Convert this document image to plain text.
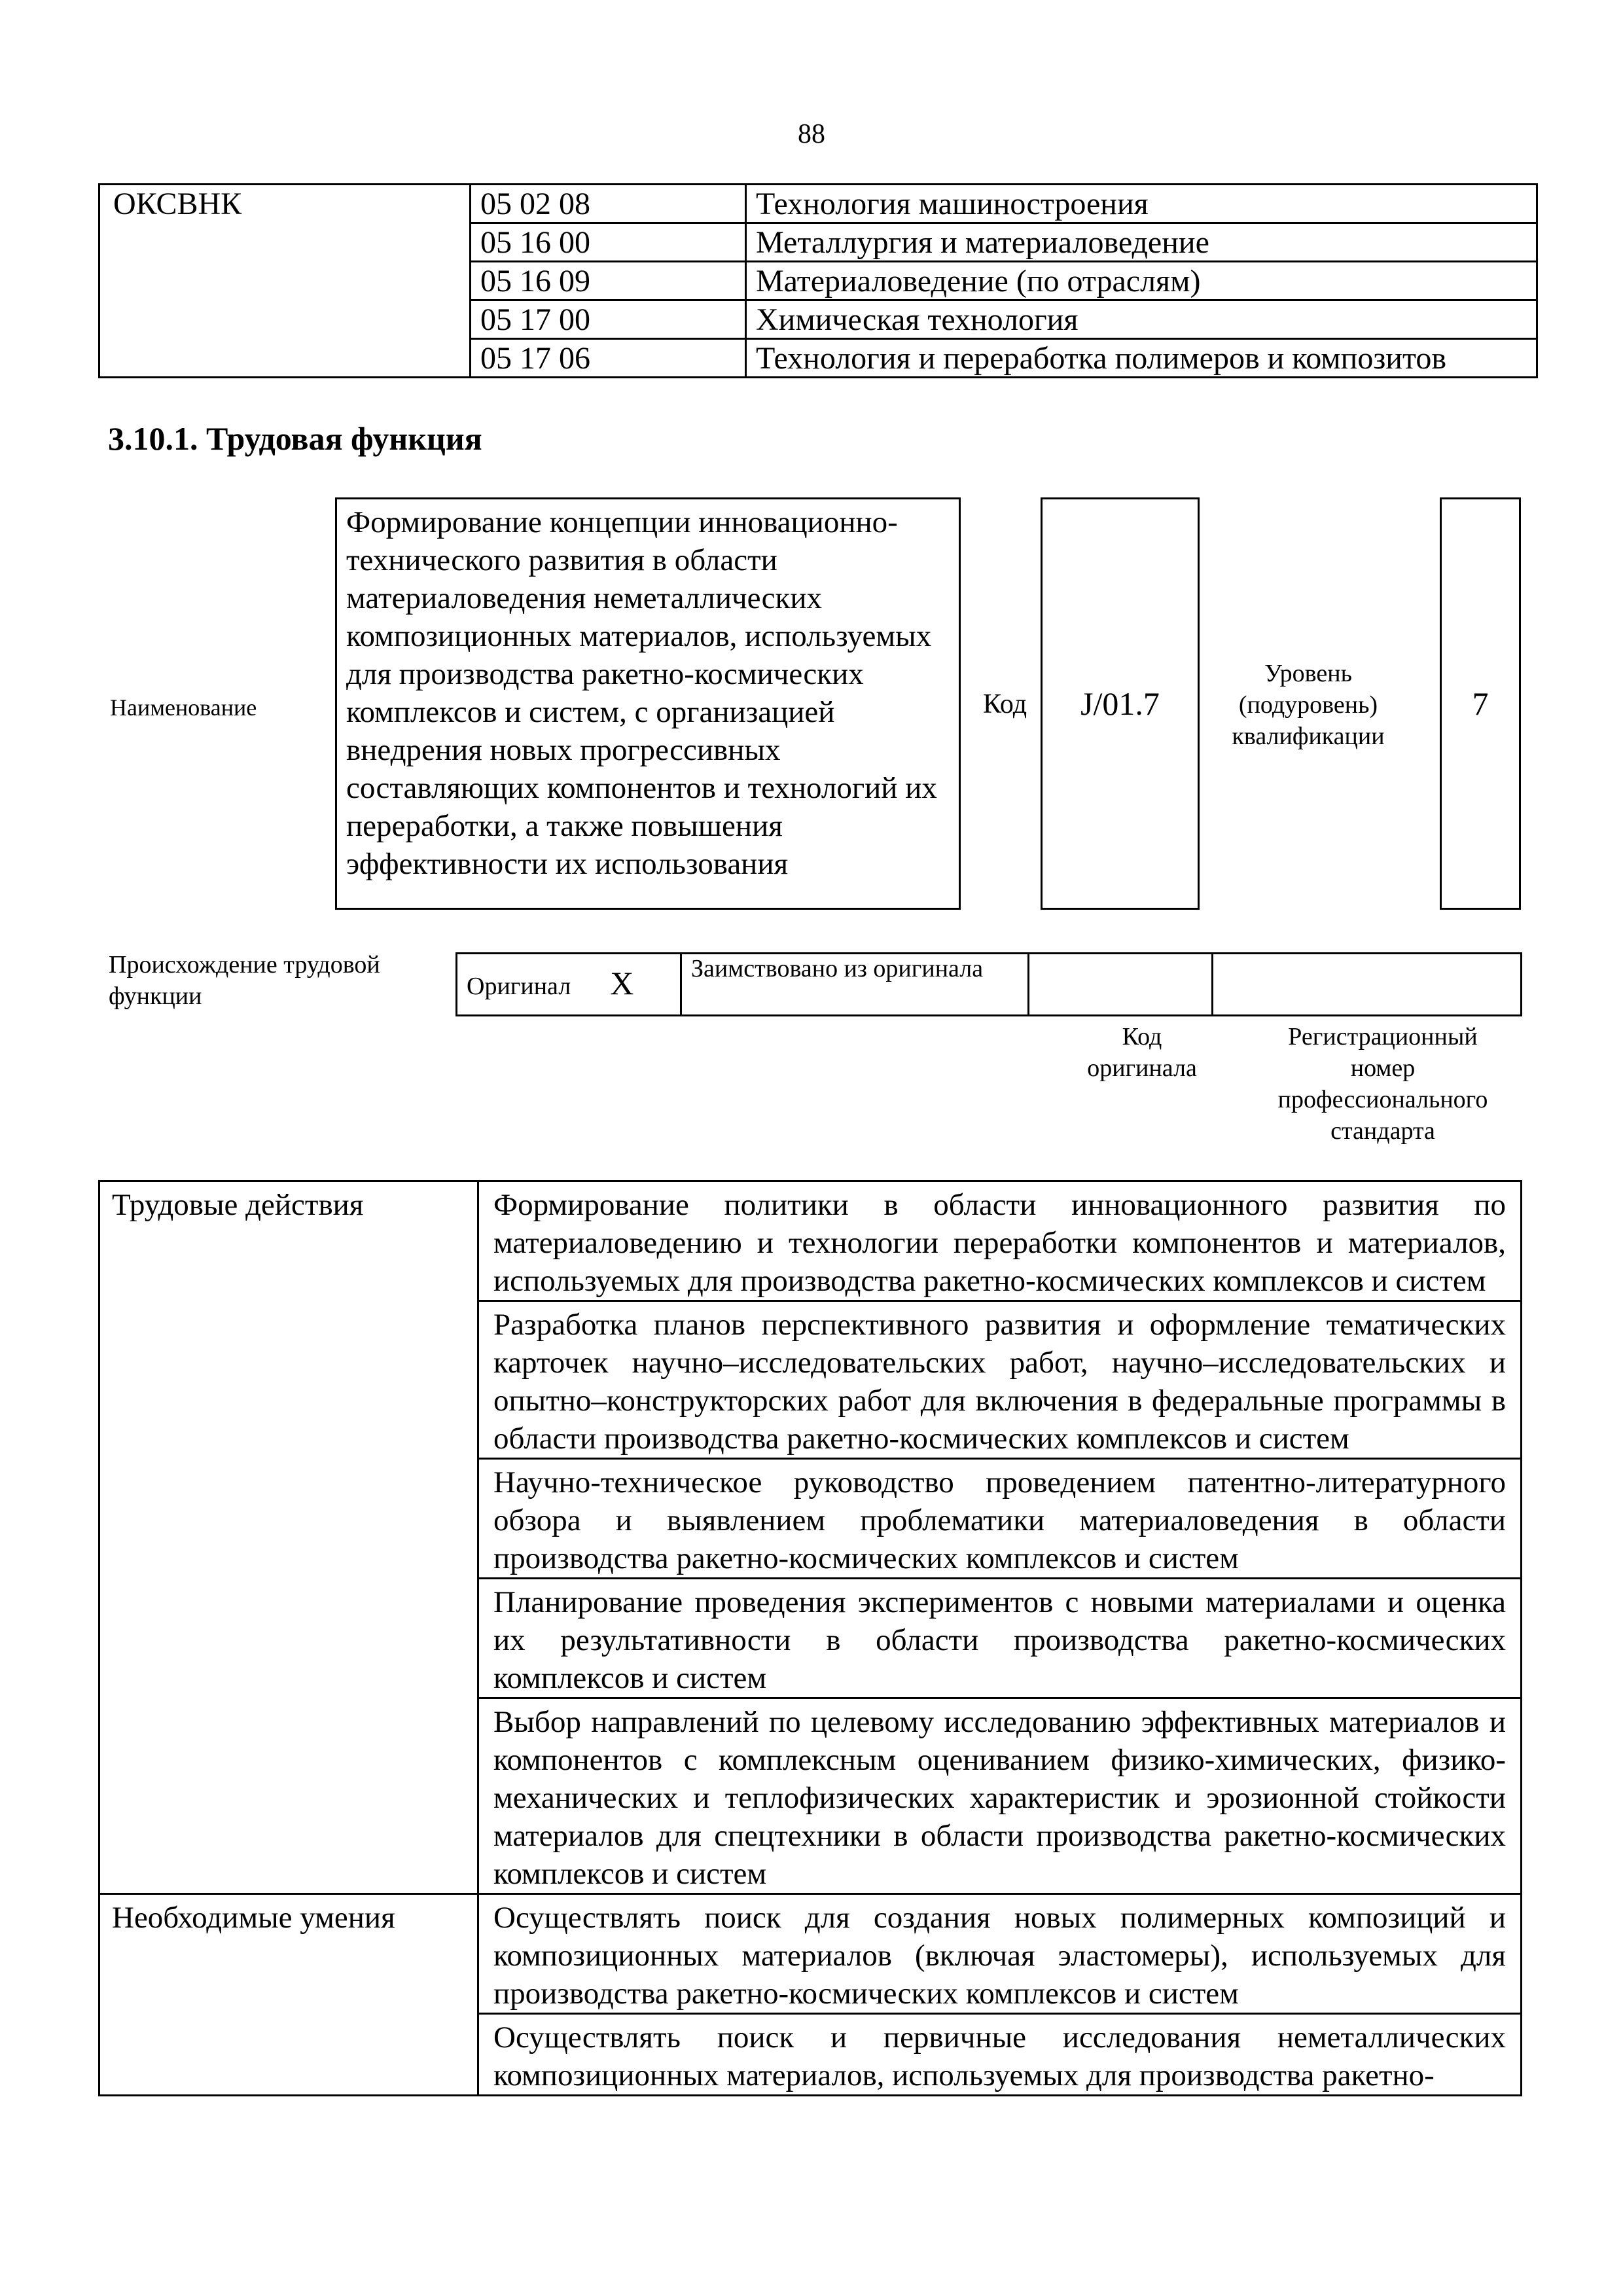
88
ОКСВНК	05 02 08	Технология машиностроения
	05 16 00	Металлургия и материаловедение
	05 16 09	Материаловедение (по отраслям)
	05 17 00	Химическая технология
	05 17 06	Технология и переработка полимеров и композитов
3.10.1. Трудовая функция
Наименование
Формирование концепции инновационно-технического развития в области материаловедения неметаллических композиционных материалов, используемых для производства ракетно-космических комплексов и систем, с организацией внедрения новых прогрессивных составляющих компонентов и технологий их переработки, а также повышения эффективности их использования
Код	J/01.7
Уровень (подуровень) квалификации
7
Происхождение трудовой функции	Оригинал X	Заимствовано из оригинала		
Код оригинала
Регистрационный номер профессионального стандарта
Трудовые действия	Формирование политики в области инновационного развития по материаловедению и технологии переработки компонентов и материалов, используемых для производства ракетно-космических комплексов и систем
	Разработка планов перспективного развития и оформление тематических карточек научно–исследовательских работ, научно–исследовательских и опытно–конструкторских работ для включения в федеральные программы в области производства ракетно-космических комплексов и систем
	Научно-техническое руководство проведением патентно-литературного обзора и выявлением проблематики материаловедения в области производства ракетно-космических комплексов и систем
	Планирование проведения экспериментов с новыми материалами и оценка их результативности в области производства ракетно-космических комплексов и систем
	Выбор направлений по целевому исследованию эффективных материалов и компонентов с комплексным оцениванием физико-химических, физико-механических и теплофизических характеристик и эрозионной стойкости материалов для спецтехники в области производства ракетно-космических комплексов и систем
Необходимые умения	Осуществлять поиск для создания новых полимерных композиций и композиционных материалов (включая эластомеры), используемых для производства ракетно-космических комплексов и систем
	Осуществлять поиск и первичные исследования неметаллических композиционных материалов, используемых для производства ракетно-
